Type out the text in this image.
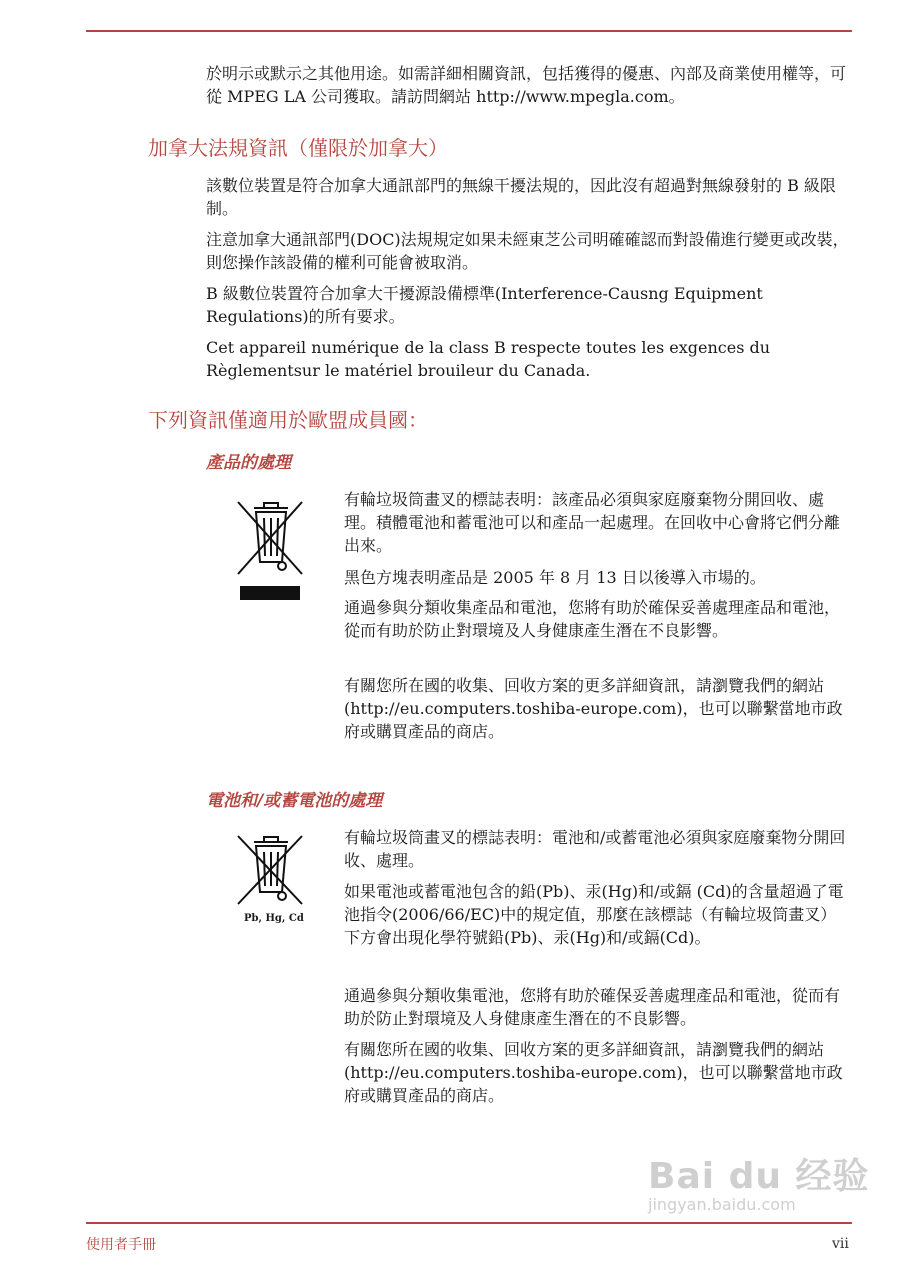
於明示或默示之其他用途。如需詳細相關資訊，包括獲得的優惠、內部及商業使用權等，可從 MPEG LA 公司獲取。請訪問網站 http://www.mpegla.com。

加拿大法規資訊（僅限於加拿大）

該數位裝置是符合加拿大通訊部門的無線干擾法規的，因此沒有超過對無線發射的 B 級限制。

注意加拿大通訊部門(DOC)法規規定如果未經東芝公司明確確認而對設備進行變更或改裝，則您操作該設備的權利可能會被取消。

B 級數位裝置符合加拿大干擾源設備標準(Interference-Causng Equipment Regulations)的所有要求。

Cet appareil numérique de la class B respecte toutes les exgences du Règlementsur le matériel brouileur du Canada.

下列資訊僅適用於歐盟成員國：
產品的處理

有輪垃圾筒畫叉的標誌表明：該產品必須與家庭廢棄物分開回收、處理。積體電池和蓄電池可以和產品一起處理。在回收中心會將它們分離出來。

黑色方塊表明產品是 2005 年 8 月 13 日以後導入市場的。

通過參與分類收集產品和電池，您將有助於確保妥善處理產品和電池，從而有助於防止對環境及人身健康產生潛在不良影響。

有關您所在國的收集、回收方案的更多詳細資訊，請瀏覽我們的網站(http://eu.computers.toshiba-europe.com)，也可以聯繫當地市政府或購買產品的商店。

電池和/或蓄電池的處理
Pb, Hg, Cd

有輪垃圾筒畫叉的標誌表明：電池和/或蓄電池必須與家庭廢棄物分開回收、處理。

如果電池或蓄電池包含的鉛(Pb)、汞(Hg)和/或鎘 (Cd)的含量超過了電池指令(2006/66/EC)中的規定值，那麼在該標誌（有輪垃圾筒畫叉）下方會出現化學符號鉛(Pb)、汞(Hg)和/或鎘(Cd)。

通過參與分類收集電池，您將有助於確保妥善處理產品和電池，從而有助於防止對環境及人身健康產生潛在的不良影響。

有關您所在國的收集、回收方案的更多詳細資訊，請瀏覽我們的網站(http://eu.computers.toshiba-europe.com)，也可以聯繫當地市政府或購買產品的商店。

Bai du 经验
jingyan.baidu.com
使用者手冊	vii
